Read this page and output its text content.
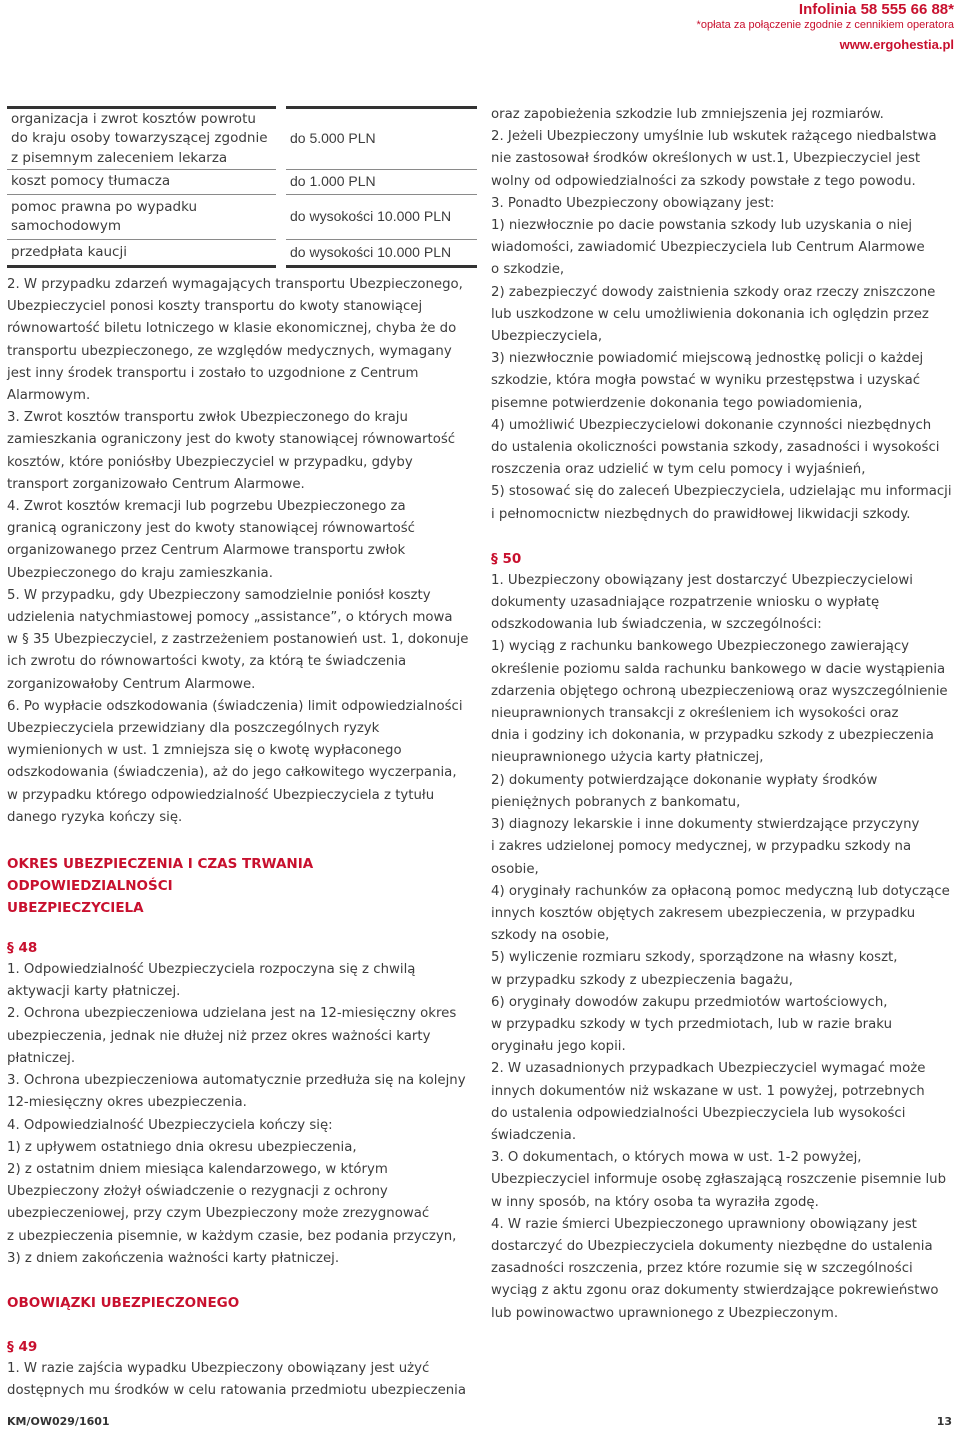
Infolinia 58 555 66 88*
*opłata za połączenie zgodnie z cennikiem operatora
www.ergohestia.pl
organizacja i zwrot kosztów powrotu
do kraju osoby towarzyszącej zgodnie
z pisemnym zaleceniem lekarza	do 5.000 PLN
koszt pomocy tłumacza	do 1.000 PLN
pomoc prawna po wypadku
samochodowym	do wysokości 10.000 PLN
przedpłata kaucji	do wysokości 10.000 PLN

2. W przypadku zdarzeń wymagających transportu Ubezpieczonego,
Ubezpieczyciel ponosi koszty transportu do kwoty stanowiącej
równowartość biletu lotniczego w klasie ekonomicznej, chyba że do
transportu ubezpieczonego, ze względów medycznych, wymagany
jest inny środek transportu i zostało to uzgodnione z Centrum
Alarmowym.

3. Zwrot kosztów transportu zwłok Ubezpieczonego do kraju
zamieszkania ograniczony jest do kwoty stanowiącej równowartość
kosztów, które poniósłby Ubezpieczyciel w przypadku, gdyby
transport zorganizowało Centrum Alarmowe.

4. Zwrot kosztów kremacji lub pogrzebu Ubezpieczonego za
granicą ograniczony jest do kwoty stanowiącej równowartość
organizowanego przez Centrum Alarmowe transportu zwłok
Ubezpieczonego do kraju zamieszkania.

5. W przypadku, gdy Ubezpieczony samodzielnie poniósł koszty
udzielenia natychmiastowej pomocy „assistance”, o których mowa
w § 35 Ubezpieczyciel, z zastrzeżeniem postanowień ust. 1, dokonuje
ich zwrotu do równowartości kwoty, za którą te świadczenia
zorganizowałoby Centrum Alarmowe.

6. Po wypłacie odszkodowania (świadczenia) limit odpowiedzialności
Ubezpieczyciela przewidziany dla poszczególnych ryzyk
wymienionych w ust. 1 zmniejsza się o kwotę wypłaconego
odszkodowania (świadczenia), aż do jego całkowitego wyczerpania,
w przypadku którego odpowiedzialność Ubezpieczyciela z tytułu
danego ryzyka kończy się.

OKRES UBEZPIECZENIA I CZAS TRWANIA ODPOWIEDZIALNOŚCI
UBEZPIECZYCIELA
§ 48

1. Odpowiedzialność Ubezpieczyciela rozpoczyna się z chwilą
aktywacji karty płatniczej.
2. Ochrona ubezpieczeniowa udzielana jest na 12-miesięczny okres
ubezpieczenia, jednak nie dłużej niż przez okres ważności karty
płatniczej.
3. Ochrona ubezpieczeniowa automatycznie przedłuża się na kolejny
12-miesięczny okres ubezpieczenia.
4. Odpowiedzialność Ubezpieczyciela kończy się:
1) z upływem ostatniego dnia okresu ubezpieczenia,
2) z ostatnim dniem miesiąca kalendarzowego, w którym
Ubezpieczony złożył oświadczenie o rezygnacji z ochrony
ubezpieczeniowej, przy czym Ubezpieczony może zrezygnować
z ubezpieczenia pisemnie, w każdym czasie, bez podania przyczyn,
3) z dniem zakończenia ważności karty płatniczej.

OBOWIĄZKI UBEZPIECZONEGO
§ 49

1. W razie zajścia wypadku Ubezpieczony obowiązany jest użyć
dostępnych mu środków w celu ratowania przedmiotu ubezpieczenia

oraz zapobieżenia szkodzie lub zmniejszenia jej rozmiarów.
2. Jeżeli Ubezpieczony umyślnie lub wskutek rażącego niedbalstwa
nie zastosował środków określonych w ust.1, Ubezpieczyciel jest
wolny od odpowiedzialności za szkody powstałe z tego powodu.
3. Ponadto Ubezpieczony obowiązany jest:
1) niezwłocznie po dacie powstania szkody lub uzyskania o niej
wiadomości, zawiadomić Ubezpieczyciela lub Centrum Alarmowe
o szkodzie,
2) zabezpieczyć dowody zaistnienia szkody oraz rzeczy zniszczone
lub uszkodzone w celu umożliwienia dokonania ich oględzin przez
Ubezpieczyciela,
3) niezwłocznie powiadomić miejscową jednostkę policji o każdej
szkodzie, która mogła powstać w wyniku przestępstwa i uzyskać
pisemne potwierdzenie dokonania tego powiadomienia,
4) umożliwić Ubezpieczycielowi dokonanie czynności niezbędnych
do ustalenia okoliczności powstania szkody, zasadności i wysokości
roszczenia oraz udzielić w tym celu pomocy i wyjaśnień,
5) stosować się do zaleceń Ubezpieczyciela, udzielając mu informacji
i pełnomocnictw niezbędnych do prawidłowej likwidacji szkody.

§ 50

1. Ubezpieczony obowiązany jest dostarczyć Ubezpieczycielowi
dokumenty uzasadniające rozpatrzenie wniosku o wypłatę
odszkodowania lub świadczenia, w szczególności:
1) wyciąg z rachunku bankowego Ubezpieczonego zawierający
określenie poziomu salda rachunku bankowego w dacie wystąpienia
zdarzenia objętego ochroną ubezpieczeniową oraz wyszczególnienie
nieuprawnionych transakcji z określeniem ich wysokości oraz
dnia i godziny ich dokonania, w przypadku szkody z ubezpieczenia
nieuprawnionego użycia karty płatniczej,
2) dokumenty potwierdzające dokonanie wypłaty środków
pieniężnych pobranych z bankomatu,
3) diagnozy lekarskie i inne dokumenty stwierdzające przyczyny
i zakres udzielonej pomocy medycznej, w przypadku szkody na
osobie,
4) oryginały rachunków za opłaconą pomoc medyczną lub dotyczące
innych kosztów objętych zakresem ubezpieczenia, w przypadku
szkody na osobie,
5) wyliczenie rozmiaru szkody, sporządzone na własny koszt,
w przypadku szkody z ubezpieczenia bagażu,
6) oryginały dowodów zakupu przedmiotów wartościowych,
w przypadku szkody w tych przedmiotach, lub w razie braku
oryginału jego kopii.
2. W uzasadnionych przypadkach Ubezpieczyciel wymagać może
innych dokumentów niż wskazane w ust. 1 powyżej, potrzebnych
do ustalenia odpowiedzialności Ubezpieczyciela lub wysokości
świadczenia.
3. O dokumentach, o których mowa w ust. 1-2 powyżej,
Ubezpieczyciel informuje osobę zgłaszającą roszczenie pisemnie lub
w inny sposób, na który osoba ta wyraziła zgodę.
4. W razie śmierci Ubezpieczonego uprawniony obowiązany jest
dostarczyć do Ubezpieczyciela dokumenty niezbędne do ustalenia
zasadności roszczenia, przez które rozumie się w szczególności
wyciąg z aktu zgonu oraz dokumenty stwierdzające pokrewieństwo
lub powinowactwo uprawnionego z Ubezpieczonym.

KM/OW029/1601	13
